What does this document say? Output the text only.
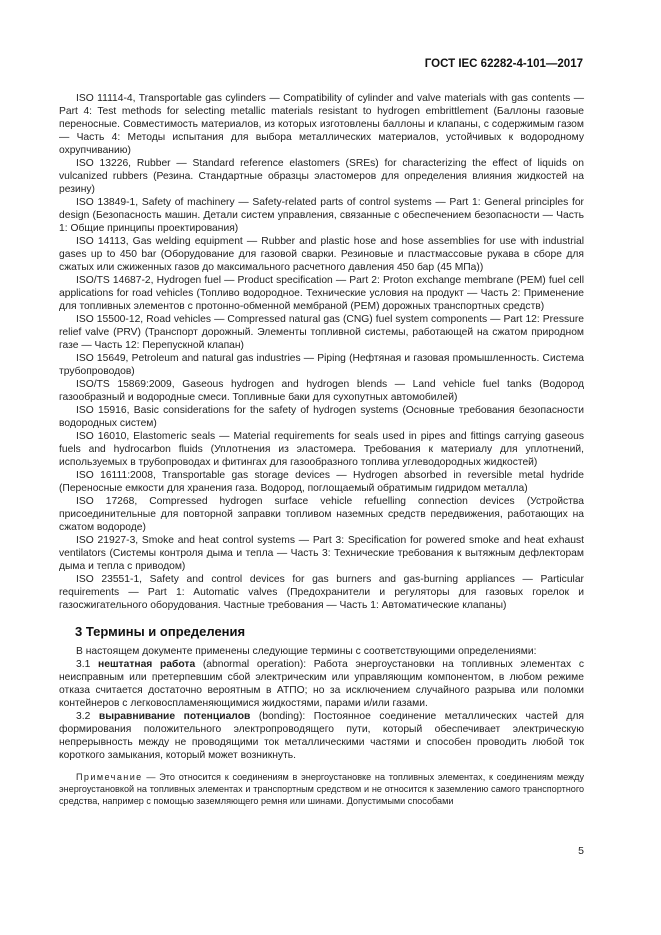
ГОСТ IEC 62282-4-101—2017

ISO 11114-4, Transportable gas cylinders — Compatibility of cylinder and valve materials with gas contents — Part 4: Test methods for selecting metallic materials resistant to hydrogen embrittlement (Баллоны газовые переносные. Совместимость материалов, из которых изготовлены баллоны и клапаны, с содержимым газом — Часть 4: Методы испытания для выбора металлических материалов, устойчивых к водородному охрупчиванию)

ISO 13226, Rubber — Standard reference elastomers (SREs) for characterizing the effect of liquids on vulcanized rubbers (Резина. Стандартные образцы эластомеров для определения влияния жидкостей на резину)

ISO 13849-1, Safety of machinery — Safety-related parts of control systems — Part 1: General principles for design (Безопасность машин. Детали систем управления, связанные с обеспечением безопасности — Часть 1: Общие принципы проектирования)

ISO 14113, Gas welding equipment — Rubber and plastic hose and hose assemblies for use with industrial gases up to 450 bar (Оборудование для газовой сварки. Резиновые и пластмассовые рукава в сборе для сжатых или сжиженных газов до максимального расчетного давления 450 бар (45 МПа))

ISO/TS 14687-2, Hydrogen fuel — Product specification — Part 2: Proton exchange membrane (PEM) fuel cell applications for road vehicles (Топливо водородное. Технические условия на продукт — Часть 2: Применение для топливных элементов с протонно-обменной мембраной (PEM) дорожных транспортных средств)

ISO 15500-12, Road vehicles — Compressed natural gas (CNG) fuel system components — Part 12: Pressure relief valve (PRV) (Транспорт дорожный. Элементы топливной системы, работающей на сжатом природном газе — Часть 12: Перепускной клапан)

ISO 15649, Petroleum and natural gas industries — Piping (Нефтяная и газовая промышленность. Система трубопроводов)

ISO/TS 15869:2009, Gaseous hydrogen and hydrogen blends — Land vehicle fuel tanks (Водород газообразный и водородные смеси. Топливные баки для сухопутных автомобилей)

ISO 15916, Basic considerations for the safety of hydrogen systems (Основные требования безопасности водородных систем)

ISO 16010, Elastomeric seals — Material requirements for seals used in pipes and fittings carrying gaseous fuels and hydrocarbon fluids (Уплотнения из эластомера. Требования к материалу для уплотнений, используемых в трубопроводах и фитингах для газообразного топлива углеводородных жидкостей)

ISO 16111:2008, Transportable gas storage devices — Hydrogen absorbed in reversible metal hydride (Переносные емкости для хранения газа. Водород, поглощаемый обратимым гидридом металла)

ISO 17268, Compressed hydrogen surface vehicle refuelling connection devices (Устройства присоединительные для повторной заправки топливом наземных средств передвижения, работающих на сжатом водороде)

ISO 21927-3, Smoke and heat control systems — Part 3: Specification for powered smoke and heat exhaust ventilators (Системы контроля дыма и тепла — Часть 3: Технические требования к вытяжным дефлекторам дыма и тепла с приводом)

ISO 23551-1, Safety and control devices for gas burners and gas-burning appliances — Particular requirements — Part 1: Automatic valves (Предохранители и регуляторы для газовых горелок и газосжигательного оборудования. Частные требования — Часть 1: Автоматические клапаны)

3 Термины и определения

В настоящем документе применены следующие термины с соответствующими определениями:

3.1 нештатная работа (abnormal operation): Работа энергоустановки на топливных элементах с неисправным или претерпевшим сбой электрическим или управляющим компонентом, в любом режиме отказа считается достаточно вероятным в АТПО; но за исключением случайного разрыва или поломки контейнеров с легковоспламеняющимися жидкостями, парами и/или газами.

3.2 выравнивание потенциалов (bonding): Постоянное соединение металлических частей для формирования положительного электропроводящего пути, который обеспечивает электрическую непрерывность между не проводящими ток металлическими частями и способен проводить любой ток короткого замыкания, который может возникнуть.

Примечание — Это относится к соединениям в энергоустановке на топливных элементах, к соединениям между энергоустановкой на топливных элементах и транспортным средством и не относится к заземлению самого транспортного средства, например с помощью заземляющего ремня или шинами. Допустимыми способами

5
